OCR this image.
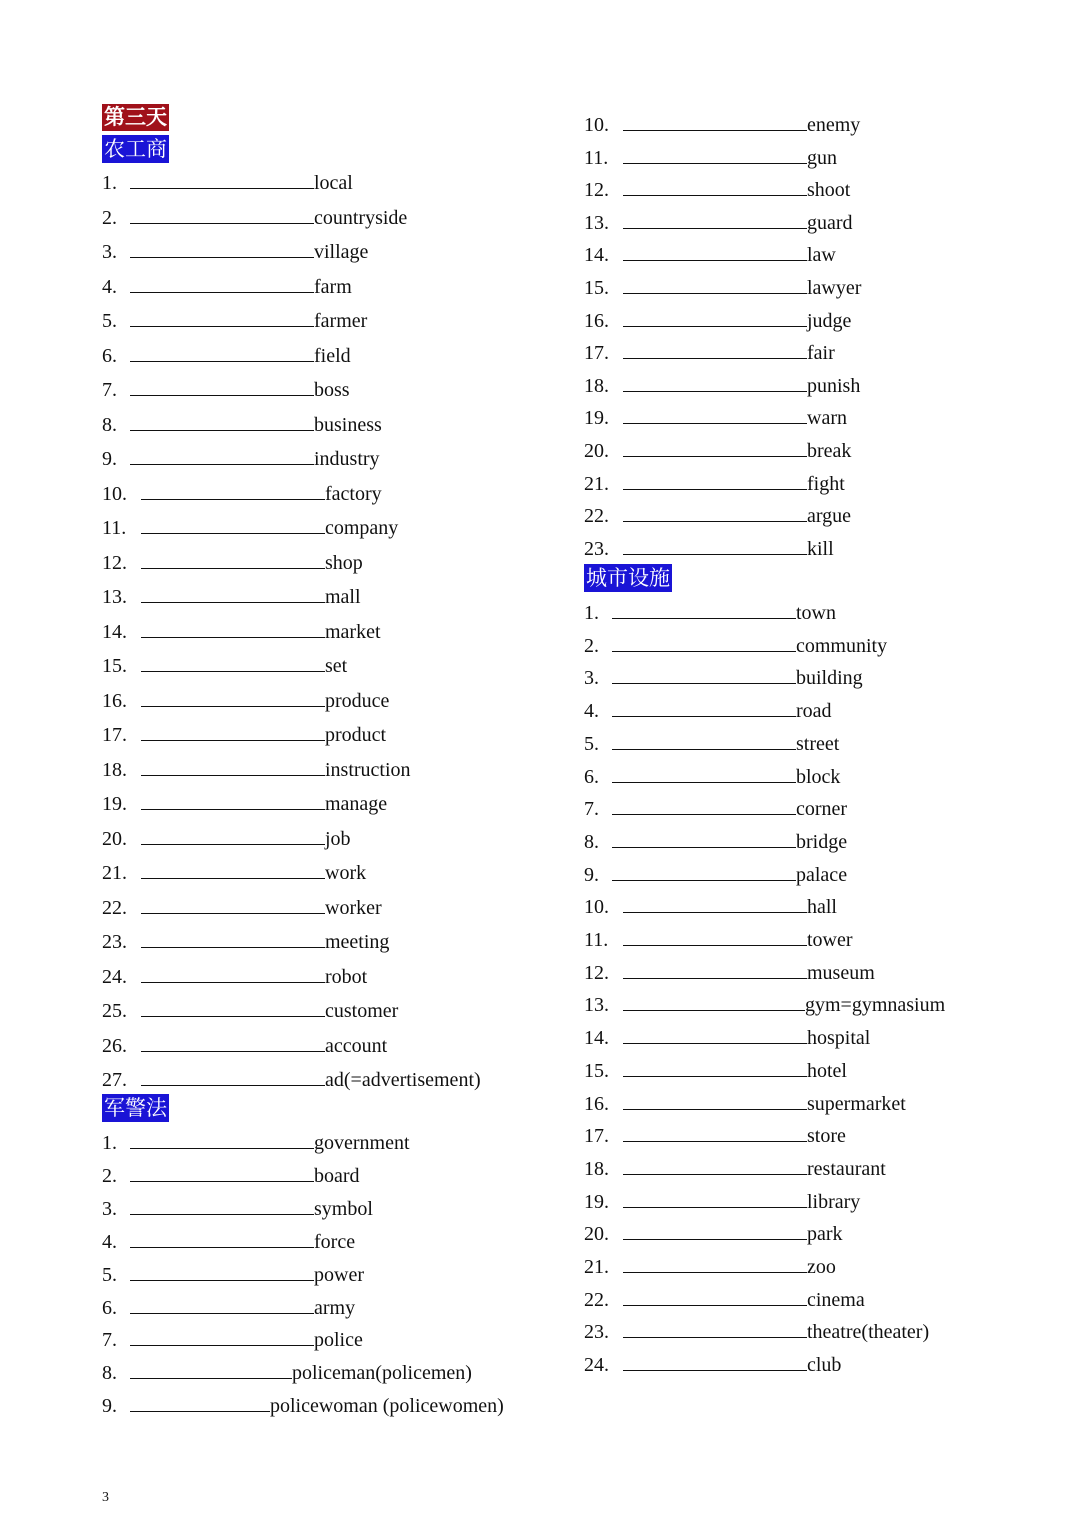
第三天
农工商
1.	local
2.	countryside
3.	village
4.	farm
5.	farmer
6.	field
7.	boss
8.	business
9.	industry
10.	factory
11.	company
12.	shop
13.	mall
14.	market
15.	set
16.	produce
17.	product
18.	instruction
19.	manage
20.	job
21.	work
22.	worker
23.	meeting
24.	robot
25.	customer
26.	account
27.	ad(=advertisement)
军警法
1.	government
2.	board
3.	symbol
4.	force
5.	power
6.	army
7.	police
8.	policeman(policemen)
9.	policewoman (policewomen)
10.	enemy
11.	gun
12.	shoot
13.	guard
14.	law
15.	lawyer
16.	judge
17.	fair
18.	punish
19.	warn
20.	break
21.	fight
22.	argue
23.	kill
城市设施
1.	town
2.	community
3.	building
4.	road
5.	street
6.	block
7.	corner
8.	bridge
9.	palace
10.	hall
11.	tower
12.	museum
13.	gym=gymnasium
14.	hospital
15.	hotel
16.	supermarket
17.	store
18.	restaurant
19.	library
20.	park
21.	zoo
22.	cinema
23.	theatre(theater)
24.	club
3
